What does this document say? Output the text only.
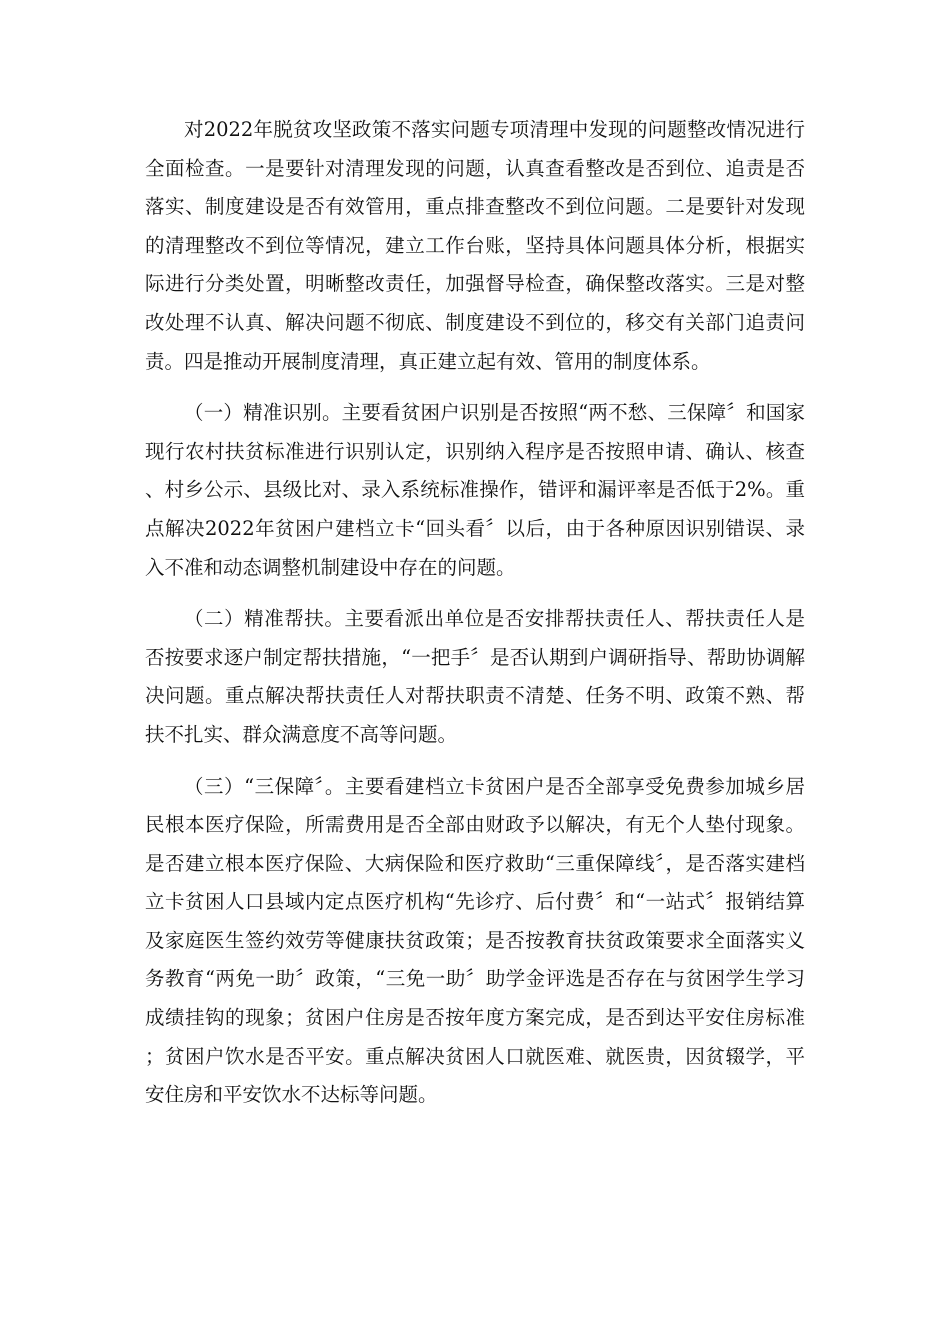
对2022年脱贫攻坚政策不落实问题专项清理中发现的问题整改情况进行全面检查。一是要针对清理发现的问题，认真查看整改是否到位、追责是否落实、制度建设是否有效管用，重点排查整改不到位问题。二是要针对发现的清理整改不到位等情况，建立工作台账，坚持具体问题具体分析，根据实际进行分类处置，明晰整改责任，加强督导检查，确保整改落实。三是对整改处理不认真、解决问题不彻底、制度建设不到位的，移交有关部门追责问责。四是推动开展制度清理，真正建立起有效、管用的制度体系。

（一）精准识别。主要看贫困户识别是否按照“两不愁、三保障〞和国家现行农村扶贫标准进行识别认定，识别纳入程序是否按照申请、确认、核查、村乡公示、县级比对、录入系统标准操作，错评和漏评率是否低于2%。重点解决2022年贫困户建档立卡“回头看〞以后，由于各种原因识别错误、录入不准和动态调整机制建设中存在的问题。

（二）精准帮扶。主要看派出单位是否安排帮扶责任人、帮扶责任人是否按要求逐户制定帮扶措施，“一把手〞是否认期到户调研指导、帮助协调解决问题。重点解决帮扶责任人对帮扶职责不清楚、任务不明、政策不熟、帮扶不扎实、群众满意度不高等问题。

（三）“三保障〞。主要看建档立卡贫困户是否全部享受免费参加城乡居民根本医疗保险，所需费用是否全部由财政予以解决，有无个人垫付现象。是否建立根本医疗保险、大病保险和医疗救助“三重保障线〞，是否落实建档立卡贫困人口县域内定点医疗机构“先诊疗、后付费〞和“一站式〞报销结算及家庭医生签约效劳等健康扶贫政策；是否按教育扶贫政策要求全面落实义务教育“两免一助〞政策，“三免一助〞助学金评选是否存在与贫困学生学习成绩挂钩的现象；贫困户住房是否按年度方案完成，是否到达平安住房标准；贫困户饮水是否平安。重点解决贫困人口就医难、就医贵，因贫辍学，平安住房和平安饮水不达标等问题。
